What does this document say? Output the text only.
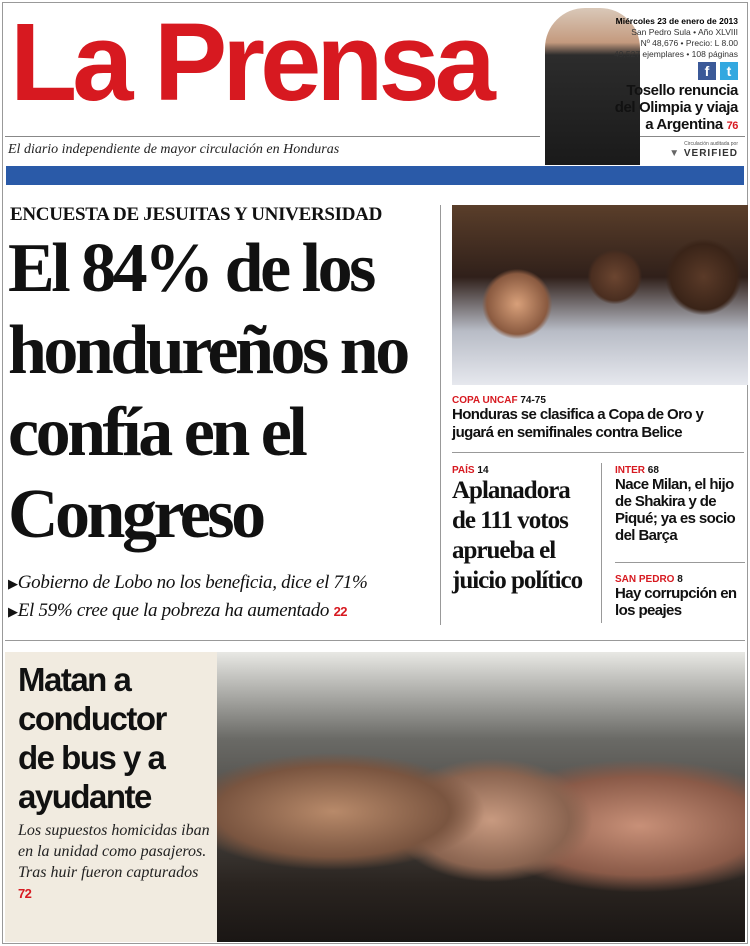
La Prensa
El diario independiente de mayor circulación en Honduras
Miércoles 23 de enero de 2013
San Pedro Sula • Año XLVIII
Nº 48,676 • Precio: L 8.00
49,527 ejemplares • 108 páginas
f	t
Tosello renuncia
del Olimpia y viaja
a Argentina 76
Circulación auditada por
▼ VERIFIED
ENCUESTA DE JESUITAS Y UNIVERSIDAD
El 84% de los hondureños no confía en el Congreso
▶Gobierno de Lobo no los beneficia, dice el 71%
▶El 59% cree que la pobreza ha aumentado 22
COPA UNCAF 74-75
Honduras se clasifica a Copa de Oro y jugará en semifinales contra Belice
PAÍS 14
Aplanadora de 111 votos aprueba el juicio político
INTER 68
Nace Milan, el hijo de Shakira y de Piqué; ya es socio del Barça
SAN PEDRO 8
Hay corrupción en los peajes
Matan a conductor de bus y a ayudante
Los supuestos homicidas iban en la unidad como pasajeros. Tras huir fueron capturados 72
